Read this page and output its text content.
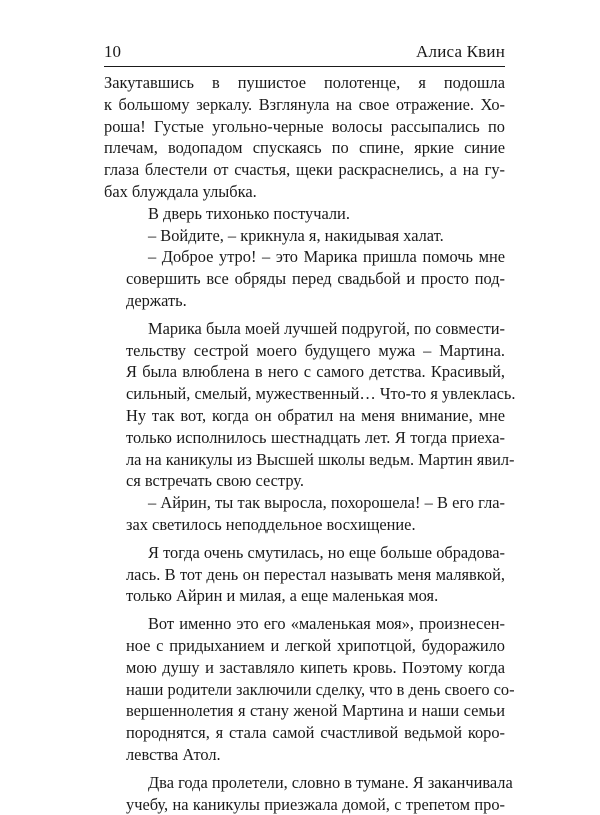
10	Алиса Квин
Закутавшись в пушистое полотенце, я подошла
к большому зеркалу. Взглянула на свое отражение. Хо-
роша! Густые угольно-черные волосы рассыпались по
плечам, водопадом спускаясь по спине, яркие синие
глаза блестели от счастья, щеки раскраснелись, а на гу-
бах блуждала улыбка.
В дверь тихонько постучали.
– Войдите, – крикнула я, накидывая халат.
– Доброе утро! – это Марика пришла помочь мне
совершить все обряды перед свадьбой и просто под-
держать.
Марика была моей лучшей подругой, по совмести-
тельству сестрой моего будущего мужа – Мартина.
Я была влюблена в него с самого детства. Красивый,
сильный, смелый, мужественный… Что-то я увлеклась.
Ну так вот, когда он обратил на меня внимание, мне
только исполнилось шестнадцать лет. Я тогда приеха-
ла на каникулы из Высшей школы ведьм. Мартин явил-
ся встречать свою сестру.
– Айрин, ты так выросла, похорошела! – В его гла-
зах светилось неподдельное восхищение.
Я тогда очень смутилась, но еще больше обрадова-
лась. В тот день он перестал называть меня малявкой,
только Айрин и милая, а еще маленькая моя.
Вот именно это его «маленькая моя», произнесен-
ное с придыханием и легкой хрипотцой, будоражило
мою душу и заставляло кипеть кровь. Поэтому когда
наши родители заключили сделку, что в день своего со-
вершеннолетия я стану женой Мартина и наши семьи
породнятся, я стала самой счастливой ведьмой коро-
левства Атол.
Два года пролетели, словно в тумане. Я заканчивала
учебу, на каникулы приезжала домой, с трепетом про-
